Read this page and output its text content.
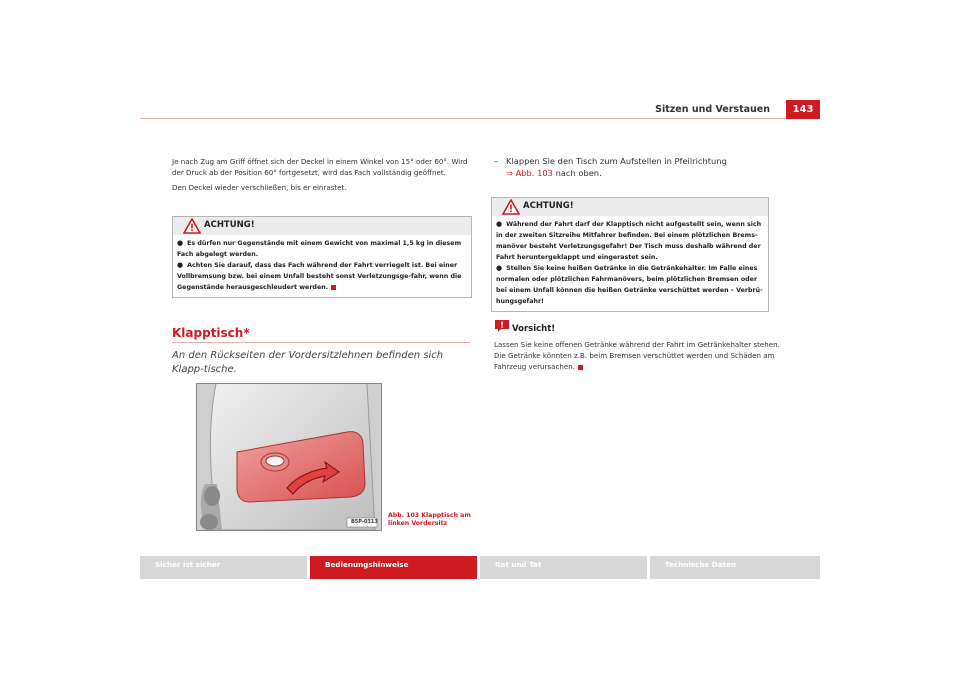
Sitzen und Verstauen	143

Je nach Zug am Griff öffnet sich der Deckel in einem Winkel von 15° oder 60°. Wird der Druck ab der Position 60° fortgesetzt, wird das Fach vollständig geöffnet.

Den Deckel wieder verschließen, bis er einrastet.

ACHTUNG!

● Es dürfen nur Gegenstände mit einem Gewicht von maximal 1,5 kg in diesem Fach abgelegt werden.

● Achten Sie darauf, dass das Fach während der Fahrt verriegelt ist. Bei einer Vollbremsung bzw. bei einem Unfall besteht sonst Verletzungsge-fahr, wenn die Gegenstände herausgeschleudert werden.

Klapptisch*
An den Rückseiten der Vordersitzlehnen befinden sich Klapp-tische.
B5P-0313
Abb. 103 Klapptisch am
linken Vordersitz
– Klappen Sie den Tisch zum Aufstellen in Pfeilrichtung
⇒ Abb. 103 nach oben.
ACHTUNG!

● Während der Fahrt darf der Klapptisch nicht aufgestellt sein, wenn sich in der zweiten Sitzreihe Mitfahrer befinden. Bei einem plötzlichen Brems-manöver besteht Verletzungsgefahr! Der Tisch muss deshalb während der Fahrt heruntergeklappt und eingerastet sein.

● Stellen Sie keine heißen Getränke in die Getränkehalter. Im Falle eines normalen oder plötzlichen Fahrmanövers, beim plötzlichen Bremsen oder bei einem Unfall können die heißen Getränke verschüttet werden – Verbrü-hungsgefahr!

Vorsicht!

Lassen Sie keine offenen Getränke während der Fahrt im Getränkehalter stehen. Die Getränke könnten z.B. beim Bremsen verschüttet werden und Schäden am Fahrzeug verursachen.

Sicher ist sicher	Bedienungshinweise	Rat und Tat	Technische Daten
